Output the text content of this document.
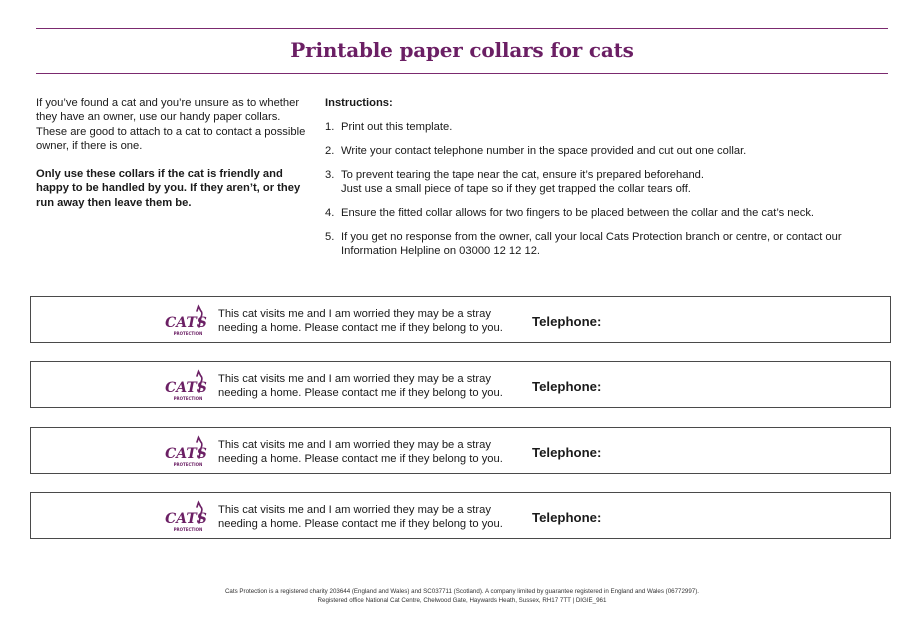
Printable paper collars for cats

If you’ve found a cat and you’re unsure as to whether they have an owner, use our handy paper collars. These are good to attach to a cat to contact a possible owner, if there is one.

Only use these collars if the cat is friendly and happy to be handled by you. If they aren’t, or they run away then leave them be.

Instructions:
1. Print out this template.
2. Write your contact telephone number in the space provided and cut out one collar.
3. To prevent tearing the tape near the cat, ensure it’s prepared beforehand.
Just use a small piece of tape so if they get trapped the collar tears off.
4. Ensure the fitted collar allows for two fingers to be placed between the collar and the cat’s neck.
5. If you get no response from the owner, call your local Cats Protection branch or centre, or contact our
Information Helpline on 03000 12 12 12.
CATS
PROTECTION
This cat visits me and I am worried they may be a stray
needing a home. Please contact me if they belong to you.	Telephone:
CATS
PROTECTION
This cat visits me and I am worried they may be a stray
needing a home. Please contact me if they belong to you.	Telephone:
CATS
PROTECTION
This cat visits me and I am worried they may be a stray
needing a home. Please contact me if they belong to you.	Telephone:
CATS
PROTECTION
This cat visits me and I am worried they may be a stray
needing a home. Please contact me if they belong to you.	Telephone:
Cats Protection is a registered charity 203644 (England and Wales) and SC037711 (Scotland). A company limited by guarantee registered in England and Wales (06772997).
Registered office National Cat Centre, Chelwood Gate, Haywards Heath, Sussex, RH17 7TT | DIGIE_961
